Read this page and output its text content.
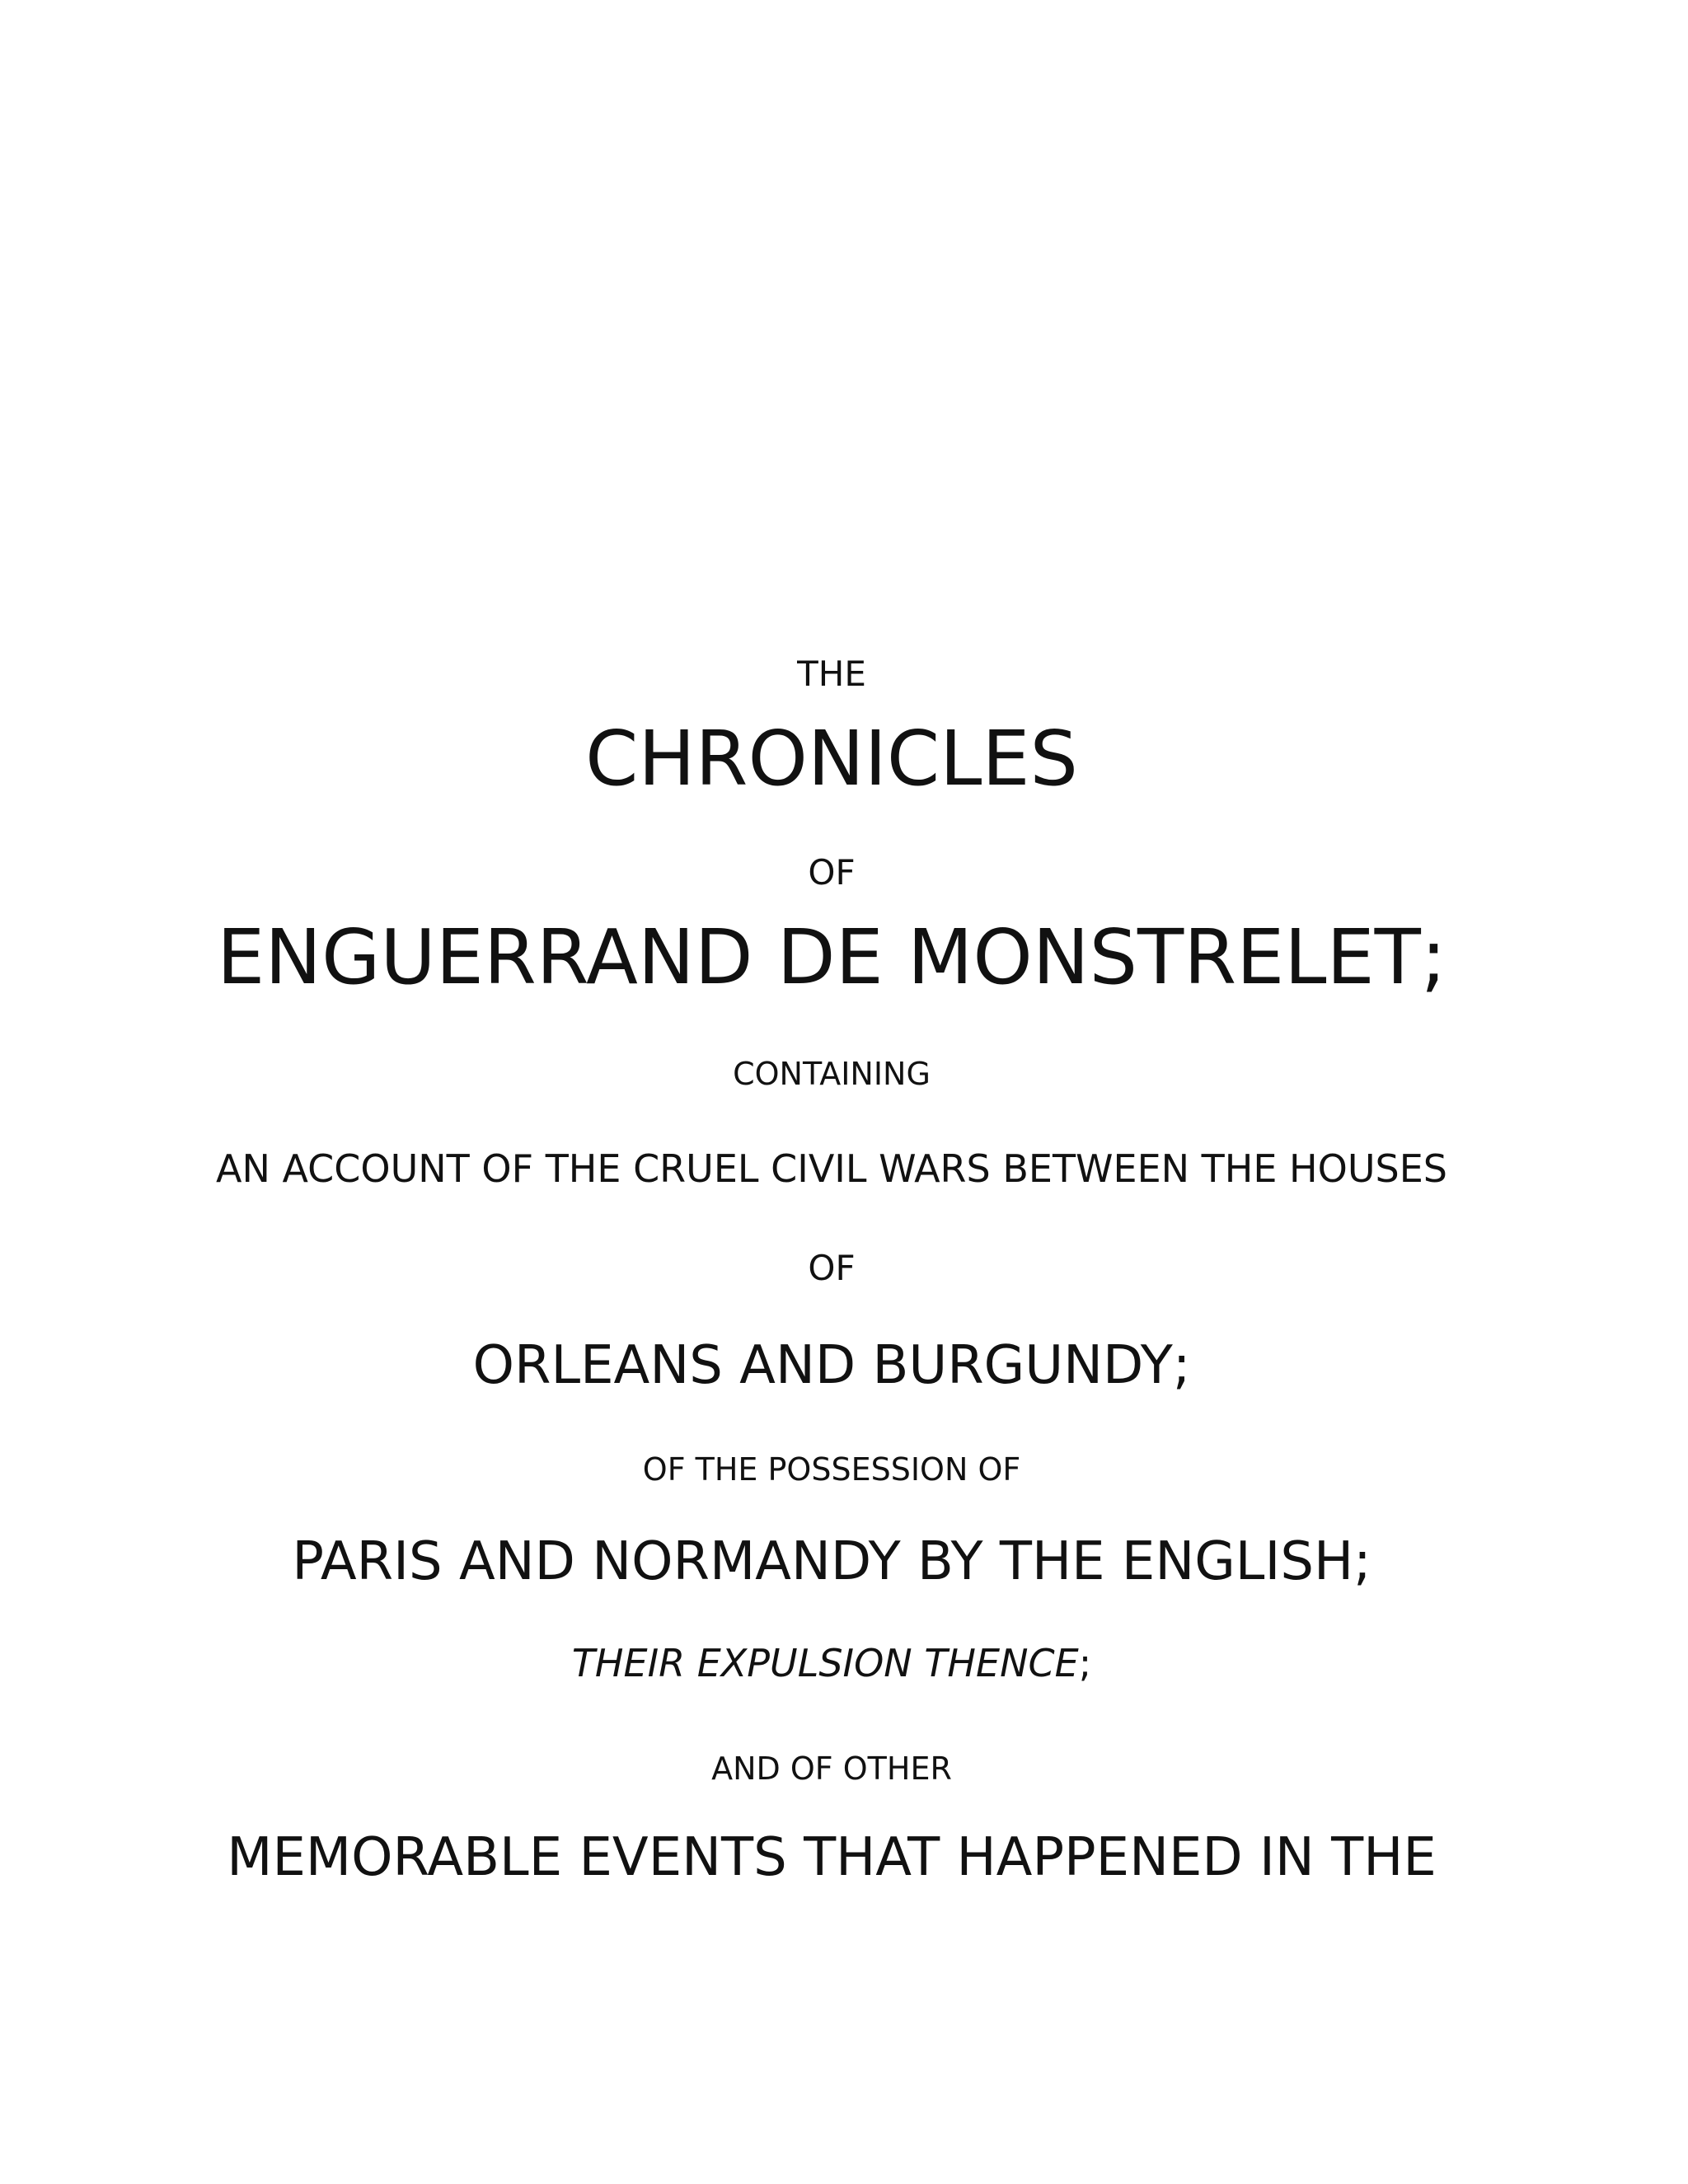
THE
CHRONICLES
OF
ENGUERRAND DE MONSTRELET;
CONTAINING
AN ACCOUNT OF THE CRUEL CIVIL WARS BETWEEN THE HOUSES
OF
ORLEANS AND BURGUNDY;
OF THE POSSESSION OF
PARIS AND NORMANDY BY THE ENGLISH;
THEIR EXPULSION THENCE;
AND OF OTHER
MEMORABLE EVENTS THAT HAPPENED IN THE
